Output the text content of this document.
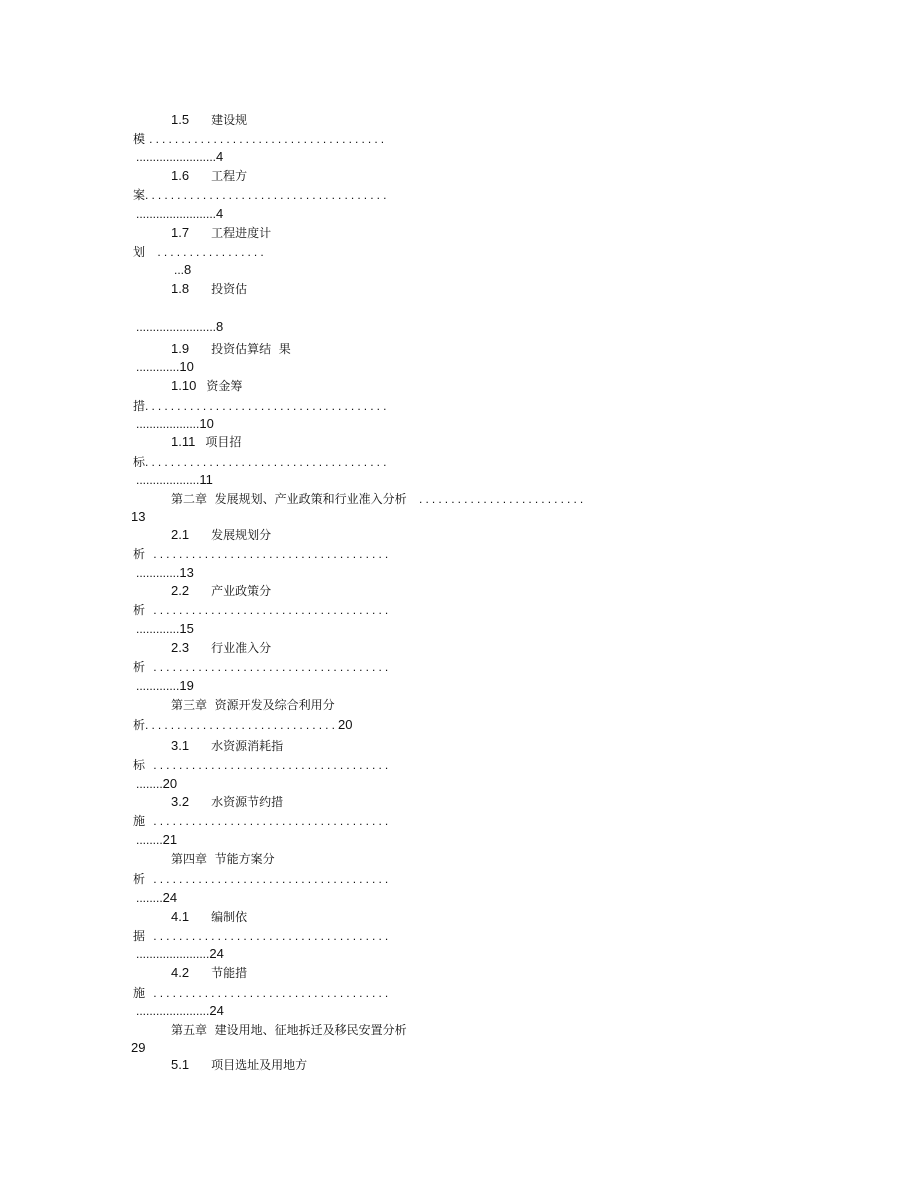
1.5 建设规
模 .....................................
........................4
1.6 工程方
案......................................
........................4
1.7 工程进度计
划 .................
...8
1.8 投资估
........................8
1.9 投资估算结  果
.............10
1.10 资金筹
措......................................
...................10
1.11 项目招
标......................................
...................11
第二章  发展规划、产业政策和行业准入分析 ..........................
13
2.1 发展规划分
析 .....................................
.............13
2.2 产业政策分
析 .....................................
.............15
2.3 行业准入分
析 .....................................
.............19
第三章  资源开发及综合利用分
析..............................20
3.1 水资源消耗指
标 .....................................
........20
3.2 水资源节约措
施 .....................................
........21
第四章  节能方案分
析 .....................................
........24
4.1 编制依
据 .....................................
......................24
4.2 节能措
施 .....................................
......................24
第五章  建设用地、征地拆迁及移民安置分析
29
5.1 项目选址及用地方
